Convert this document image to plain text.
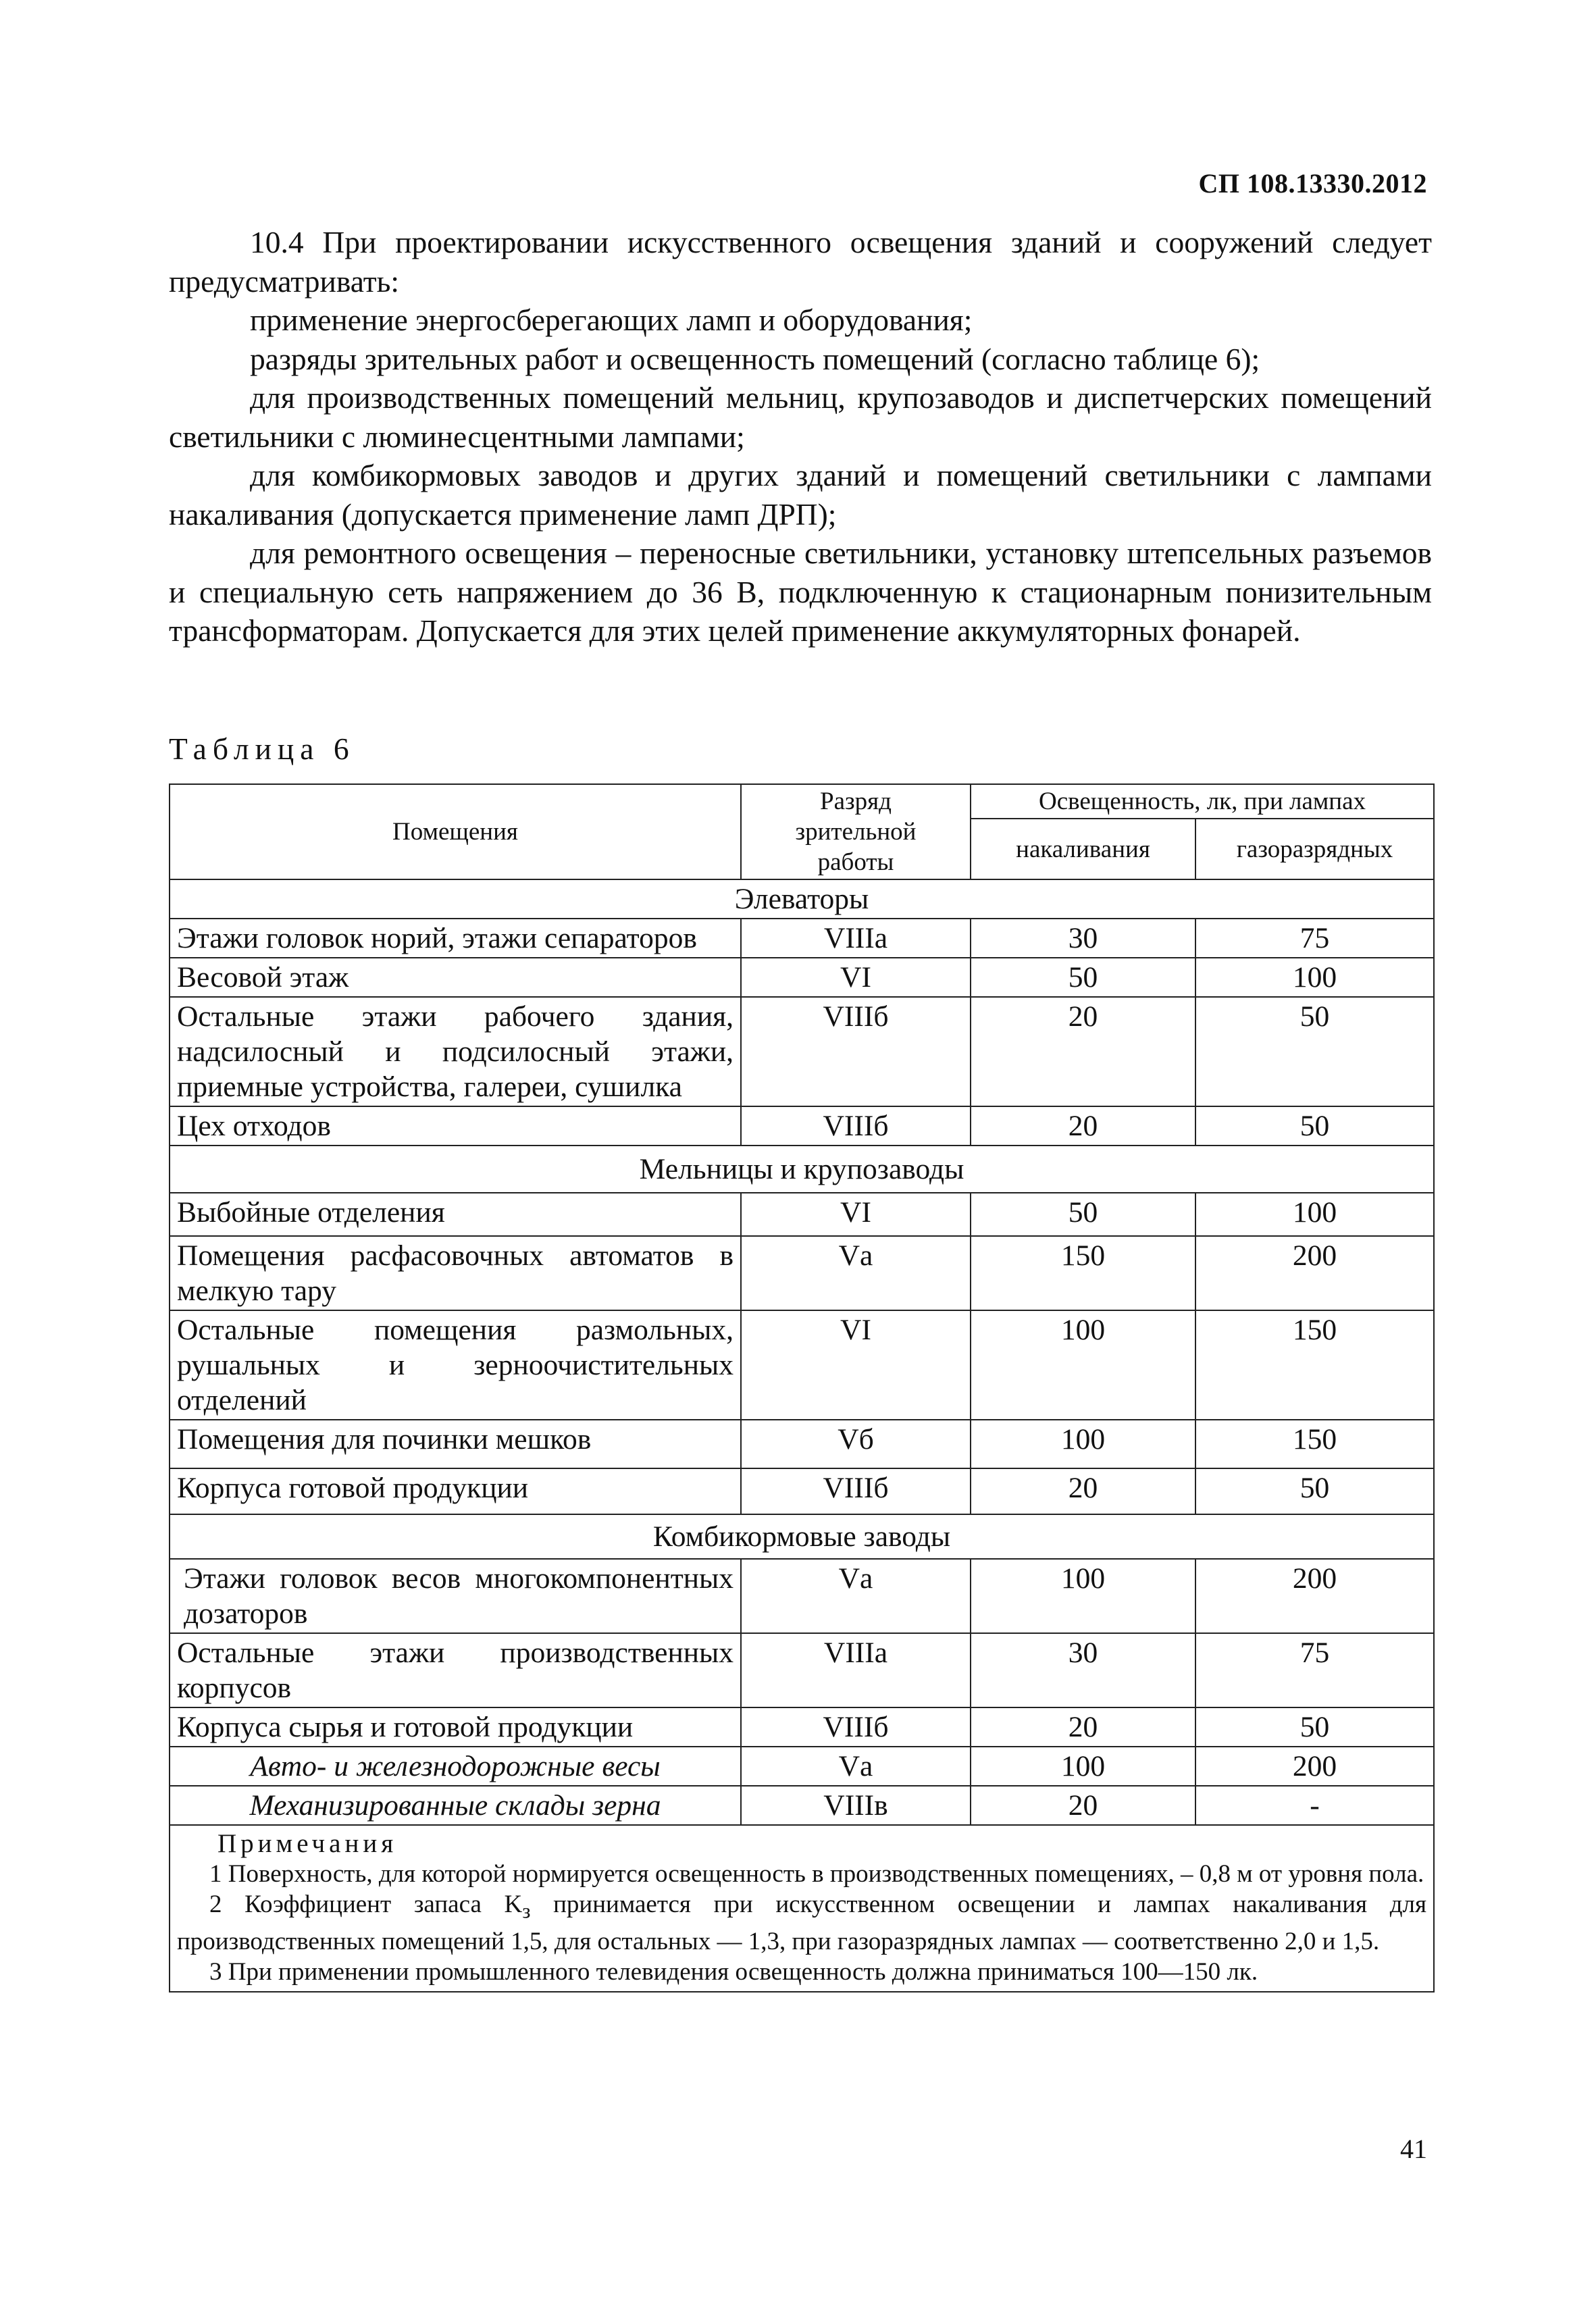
СП 108.13330.2012

10.4 При проектировании искусственного освещения зданий и сооружений следует предусматривать:

применение энергосберегающих ламп и оборудования;

разряды зрительных работ и освещенность помещений (согласно таблице 6);

для производственных помещений мельниц, крупозаводов и диспетчерских помещений светильники с люминесцентными лампами;

для комбикормовых заводов и других зданий и помещений светильники с лампами накаливания (допускается применение ламп ДРП);

для ремонтного освещения – переносные светильники, установку штепсельных разъемов и специальную сеть напряжением до 36 В, подключенную к стационарным понизительным трансформаторам. Допускается для этих целей применение аккумуляторных фонарей.

Таблица 6
Помещения	Разряд зрительной работы	Освещенность, лк, при лампах	
		накаливания	газоразрядных
Элеваторы			
Этажи головок норий, этажи сепараторов	VIIIа	30	75
Весовой этаж	VI	50	100
Остальные этажи рабочего здания, надсилосный и подсилосный этажи, приемные устройства, галереи, сушилка	VIIIб	20	50
Цех отходов	VIIIб	20	50
Мельницы и крупозаводы			
Выбойные отделения	VI	50	100
Помещения расфасовочных автоматов в мелкую тару	Vа	150	200
Остальные помещения размольных, рушальных и зерноочистительных отделений	VI	100	150
Помещения для починки мешков	Vб	100	150
Корпуса готовой продукции	VIIIб	20	50
Комбикормовые заводы			
Этажи головок весов многокомпонентных дозаторов	Vа	100	200
Остальные этажи производственных корпусов	VIIIа	30	75
Корпуса сырья и готовой продукции	VIIIб	20	50
Авто- и железнодорожные весы	Vа	100	200
Механизированные склады зерна	VIIIв	20	-

Примечания

1 Поверхность, для которой нормируется освещенность в производственных помещениях, – 0,8 м от уровня пола.

2 Коэффициент запаса $K_з$ принимается при искусственном освещении и лампах накаливания для производственных помещений 1,5, для остальных — 1,3, при газоразрядных лампах — соответственно 2,0 и 1,5.

3 При применении промышленного телевидения освещенность должна приниматься 100—150 лк.			

41
